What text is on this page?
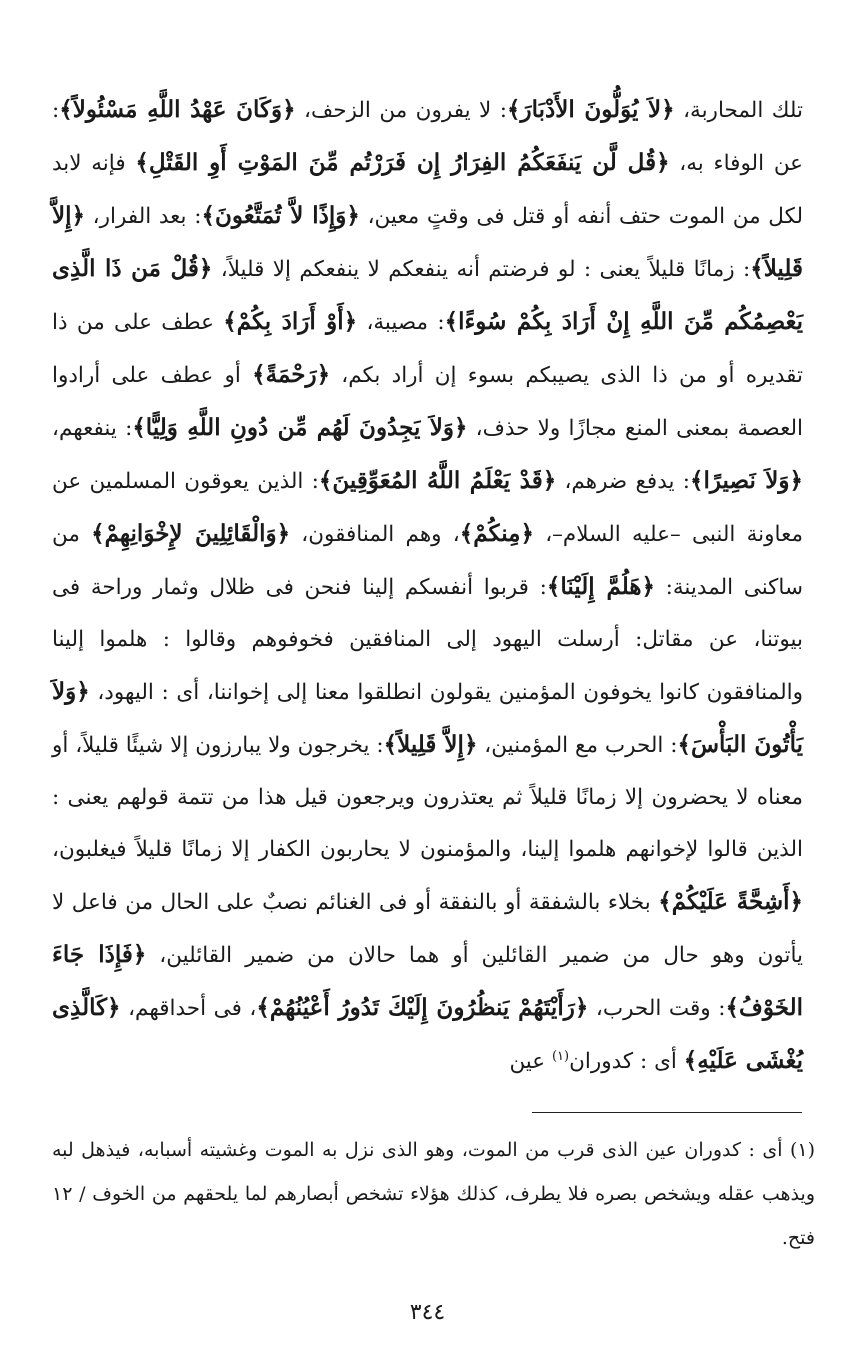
تلك المحاربة، ﴿لاَ يُوَلُّونَ الأَدْبَارَ﴾: لا يفرون من الزحف، ﴿وَكَانَ عَهْدُ اللَّهِ مَسْئُولاً﴾: عن الوفاء به، ﴿قُل لَّن يَنفَعَكُمُ الفِرَارُ إِن فَرَرْتُم مِّنَ المَوْتِ أَوِ القَتْلِ﴾ فإنه لابد لكل من الموت حتف أنفه أو قتل فى وقتٍ معين، ﴿وَإِذًا لاَّ تُمَتَّعُونَ﴾: بعد الفرار، ﴿إِلاَّ قَلِيلاً﴾: زمانًا قليلاً يعنى : لو فرضتم أنه ينفعكم لا ينفعكم إلا قليلاً، ﴿قُلْ مَن ذَا الَّذِى يَعْصِمُكُم مِّنَ اللَّهِ إِنْ أَرَادَ بِكُمْ سُوءًا﴾: مصيبة، ﴿أَوْ أَرَادَ بِكُمْ﴾ عطف على من ذا تقديره أو من ذا الذى يصيبكم بسوء إن أراد بكم، ﴿رَحْمَةً﴾ أو عطف على أرادوا العصمة بمعنى المنع مجازًا ولا حذف، ﴿وَلاَ يَجِدُونَ لَهُم مِّن دُونِ اللَّهِ وَلِيًّا﴾: ينفعهم، ﴿وَلاَ نَصِيرًا﴾: يدفع ضرهم، ﴿قَدْ يَعْلَمُ اللَّهُ المُعَوِّقِينَ﴾: الذين يعوقون المسلمين عن معاونة النبى –عليه السلام–، ﴿مِنكُمْ﴾، وهم المنافقون، ﴿وَالْقَائِلِينَ لإِخْوَانِهِمْ﴾ من ساكنى المدينة: ﴿هَلُمَّ إِلَيْنَا﴾: قربوا أنفسكم إلينا فنحن فى ظلال وثمار وراحة فى بيوتنا، عن مقاتل: أرسلت اليهود إلى المنافقين فخوفوهم وقالوا : هلموا إلينا والمنافقون كانوا يخوفون المؤمنين يقولون انطلقوا معنا إلى إخواننا، أى : اليهود، ﴿وَلاَ يَأْتُونَ البَأْسَ﴾: الحرب مع المؤمنين، ﴿إِلاَّ قَلِيلاً﴾: يخرجون ولا يبارزون إلا شيئًا قليلاً، أو معناه لا يحضرون إلا زمانًا قليلاً ثم يعتذرون ويرجعون قيل هذا من تتمة قولهم يعنى : الذين قالوا لإخوانهم هلموا إلينا، والمؤمنون لا يحاربون الكفار إلا زمانًا قليلاً فيغلبون، ﴿أَشِحَّةً عَلَيْكُمْ﴾ بخلاء بالشفقة أو بالنفقة أو فى الغنائم نصبٌ على الحال من فاعل لا يأتون وهو حال من ضمير القائلين أو هما حالان من ضمير القائلين، ﴿فَإِذَا جَاءَ الخَوْفُ﴾: وقت الحرب، ﴿رَأَيْتَهُمْ يَنظُرُونَ إِلَيْكَ تَدُورُ أَعْيُنُهُمْ﴾، فى أحداقهم، ﴿كَالَّذِى يُغْشَى عَلَيْهِ﴾ أى : كدوران$^{(١)}$ عين

(١) أى : كدوران عين الذى قرب من الموت، وهو الذى نزل به الموت وغشيته أسبابه، فيذهل لبه ويذهب عقله ويشخص بصره فلا يطرف، كذلك هؤلاء تشخص أبصارهم لما يلحقهم من الخوف / ١٢ فتح.

٣٤٤
